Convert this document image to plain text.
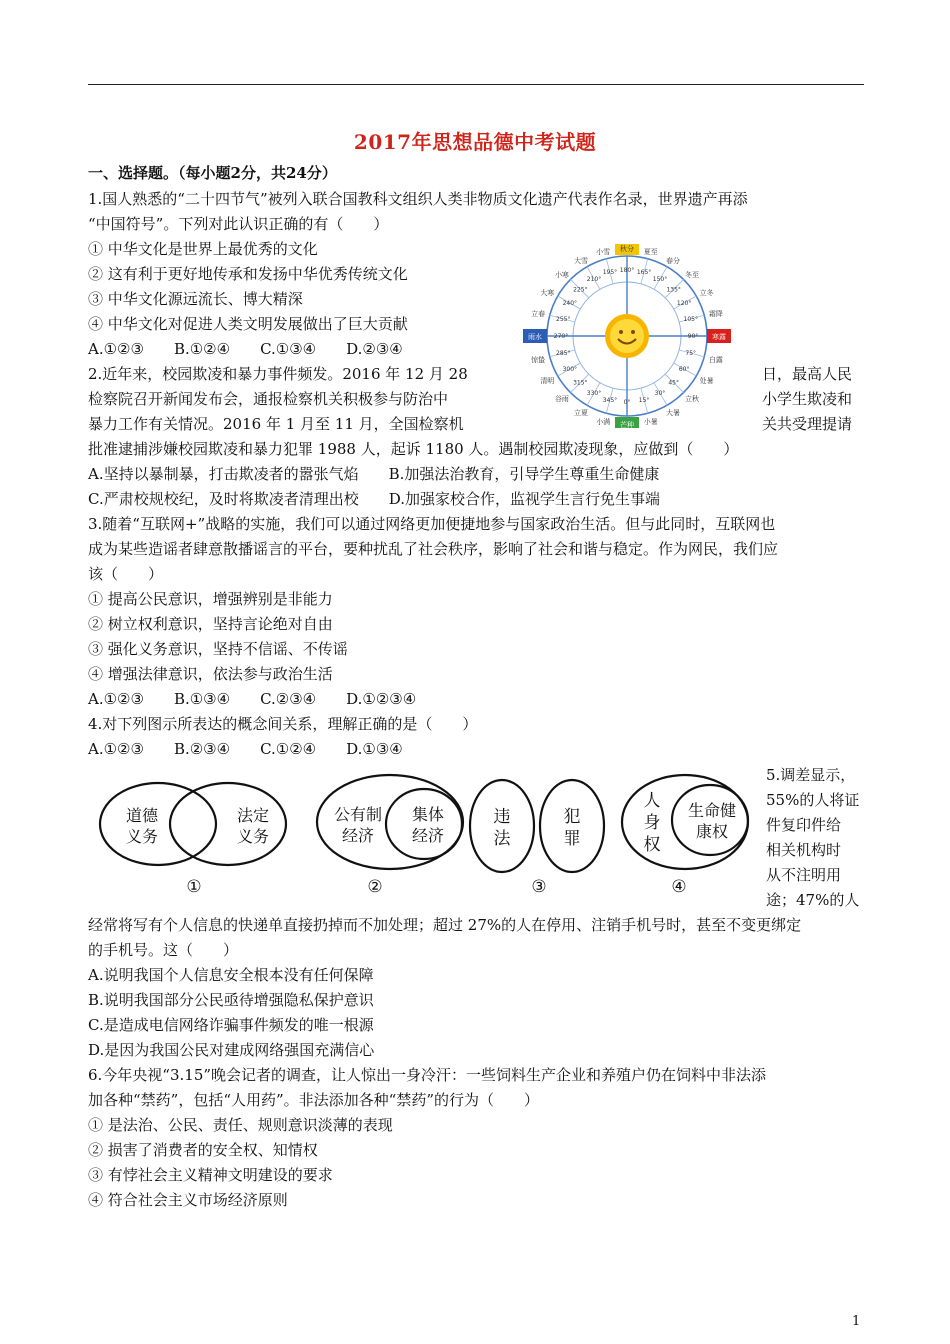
2017年思想品德中考试题
一、选择题。（每小题2分，共24分）
1.国人熟悉的“二十四节气”被列入联合国教科文组织人类非物质文化遗产代表作名录，世界遗产再添
“中国符号”。下列对此认识正确的有（　　）
① 中华文化是世界上最优秀的文化
② 这有利于更好地传承和发扬中华优秀传统文化
③ 中华文化源远流长、博大精深
④ 中华文化对促进人类文明发展做出了巨大贡献
A.①②③　　B.①②④　　C.①③④　　D.②③④
2.近年来，校园欺凌和暴力事件频发。2016 年 12 月 28	日，最高人民
检察院召开新闻发布会，通报检察机关积极参与防治中	小学生欺凌和
暴力工作有关情况。2016 年 1 月至 11 月，全国检察机	关共受理提请
批准逮捕涉嫌校园欺凌和暴力犯罪 1988 人，起诉 1180 人。遇制校园欺凌现象，应做到（　　）
A.坚持以暴制暴，打击欺凌者的嚣张气焰　　B.加强法治教育，引导学生尊重生命健康
C.严肃校规校纪，及时将欺凌者清理出校　　D.加强家校合作，监视学生言行免生事端
3.随着“互联网+”战略的实施，我们可以通过网络更加便捷地参与国家政治生活。但与此同时，互联网也
成为某些造谣者肆意散播谣言的平台，要种扰乱了社会秩序，影响了社会和谐与稳定。作为网民，我们应
该（　　）
① 提高公民意识，增强辨别是非能力
② 树立权利意识，坚持言论绝对自由
③ 强化义务意识，坚持不信谣、不传谣
④ 增强法律意识，依法参与政治生活
A.①②③　　B.①③④　　C.②③④　　D.①②③④
4.对下列图示所表达的概念间关系，理解正确的是（　　）
A.①②③　　B.②③④　　C.①②④　　D.①③④
5.调差显示，
55%的人将证
件复印件给
相关机构时
从不注明用
途；47%的人
经常将写有个人信息的快递单直接扔掉而不加处理；超过 27%的人在停用、注销手机号时，甚至不变更绑定
的手机号。这（　　）
A.说明我国个人信息安全根本没有任何保障
B.说明我国部分公民亟待增强隐私保护意识
C.是造成电信网络诈骗事件频发的唯一根源
D.是因为我国公民对建成网络强国充满信心
6.今年央视“3.15”晚会记者的调查，让人惊出一身冷汗：一些饲料生产企业和养殖户仍在饲料中非法添
加各种“禁药”，包括“人用药”。非法添加各种“禁药”的行为（　　）
① 是法治、公民、责任、规则意识淡薄的表现
② 损害了消费者的安全权、知情权
③ 有悖社会主义精神文明建设的要求
④ 符合社会主义市场经济原则
1
秋分
180°
夏至
165°
春分
150°
冬至
135°	立冬
120°
霜降
105°
寒露
90°
白露
75°
处暑
60°
立秋
45°
大暑
30°
小暑
15°
芒种
0°
小满
345°
立夏
330°
谷雨
315°
清明
300°
惊蛰
285°
雨水 270°
立春
255°
大寒
240°
小寒
225°
大雪
210°
小雪
195°
道德
义务
法定
义务
①
公有制
经济
集体
经济
②
违
法
犯
罪
③
人
身
权
生命健
康权
④
